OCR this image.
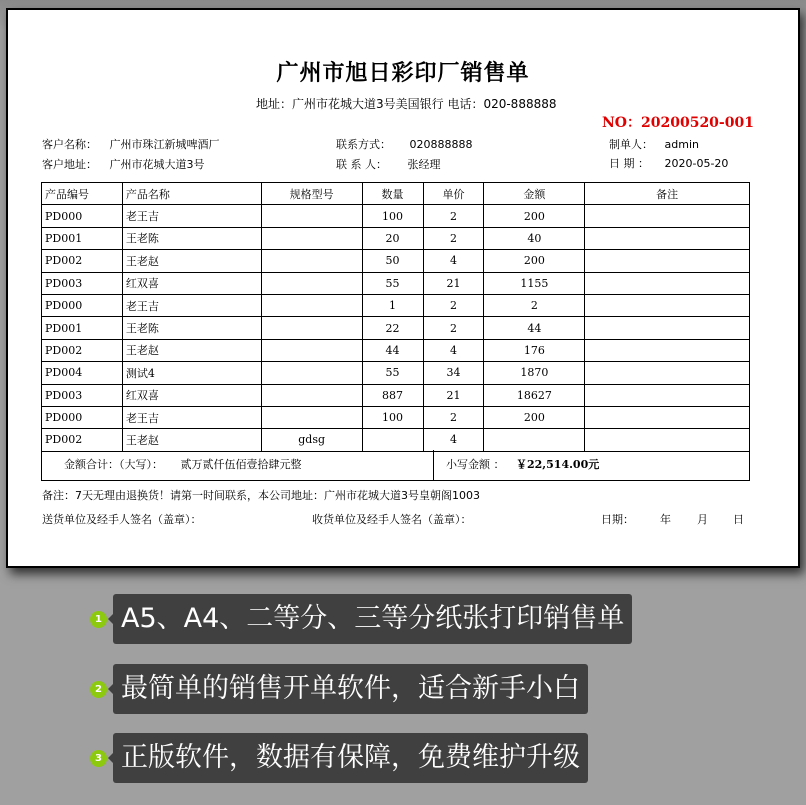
广州市旭日彩印厂销售单
地址：广州市花城大道3号美国银行 电话：020-888888
NO：20200520-001
客户名称： 广州市珠江新城啤酒厂
客户地址： 广州市花城大道3号
联系方式： 020888888
联 系 人： 张经理
制单人： admin
日 期 ： 2020-05-20
产品编号	产品名称	规格型号	数量	单价	金额	备注
PD000	老王吉		100	2	200	
PD001	王老陈		20	2	40	
PD002	王老赵		50	4	200	
PD003	红双喜		55	21	1155	
PD000	老王吉		1	2	2	
PD001	王老陈		22	2	44	
PD002	王老赵		44	4	176	
PD004	测试4		55	34	1870	
PD003	红双喜		887	21	18627	
PD000	老王吉		100	2	200	
PD002	王老赵	gdsg		4		
金额合计：（大写）： 贰万贰仟伍佰壹拾肆元整	小写金额 ： ￥22,514.00元
备注：7天无理由退换货！请第一时间联系，本公司地址：广州市花城大道3号皇朝阁1003
送货单位及经手人签名（盖章）：	收货单位及经手人签名（盖章）：	日期： 年 月 日
1 A5、A4、二等分、三等分纸张打印销售单
2 最简单的销售开单软件，适合新手小白
3 正版软件，数据有保障，免费维护升级
